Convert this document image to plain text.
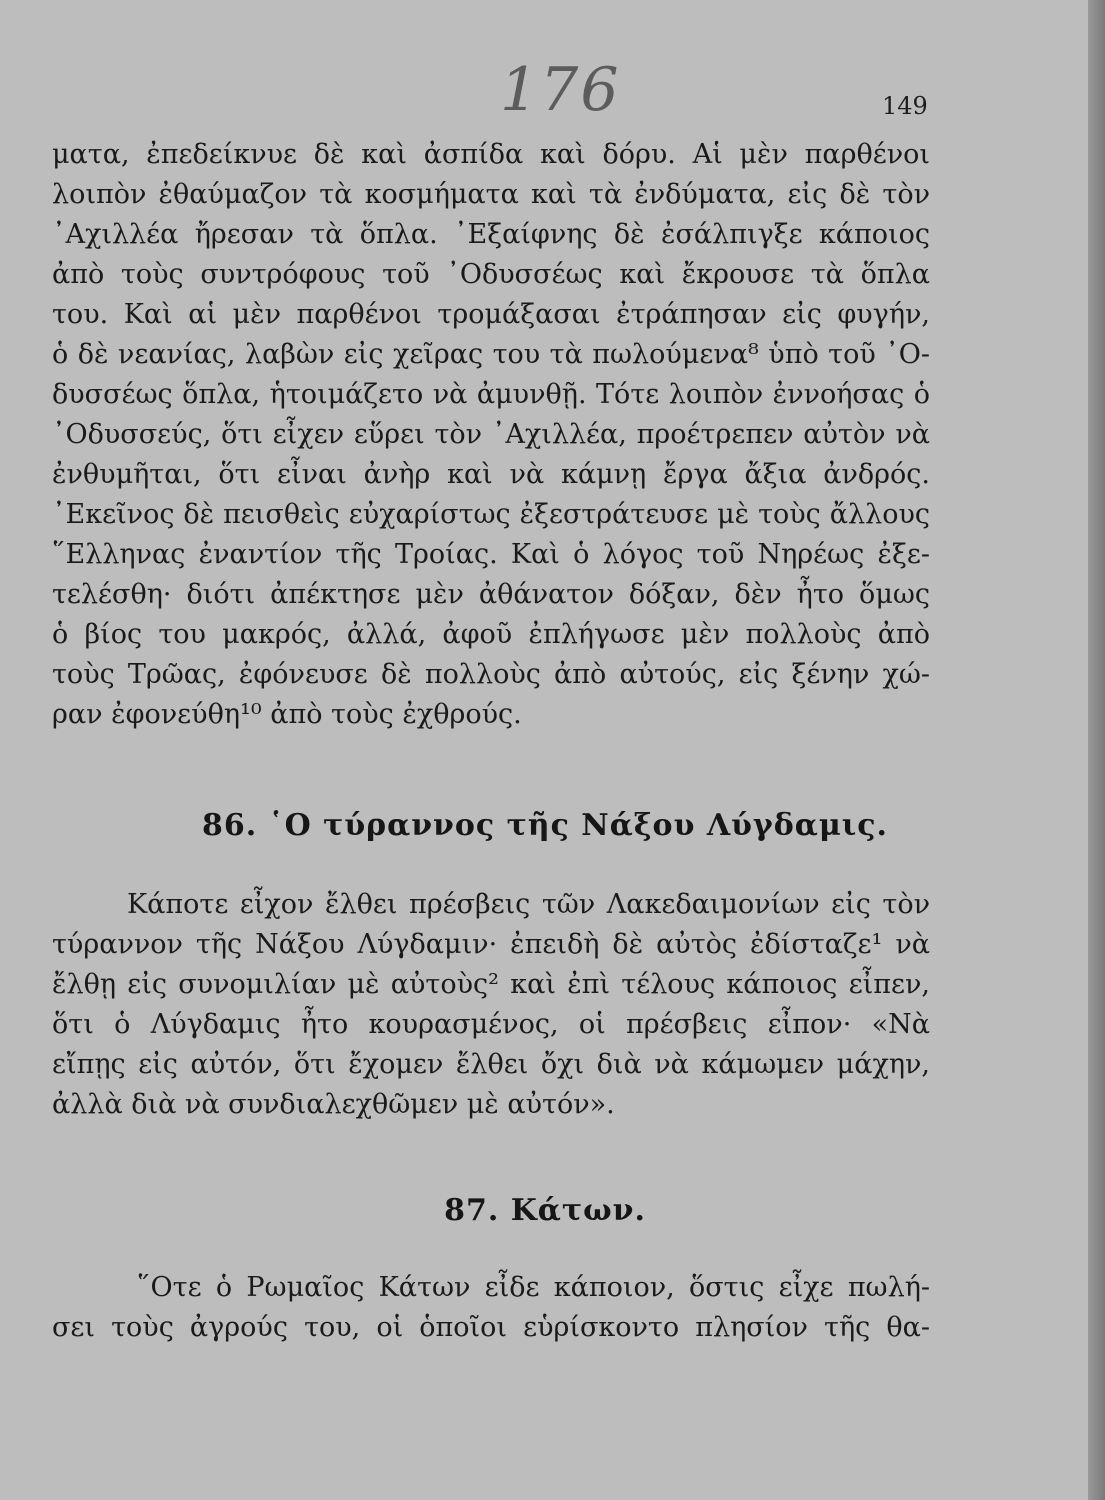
176	149
ματα, ἐπεδείκνυε δὲ καὶ ἀσπίδα καὶ δόρυ. Αἱ μὲν παρθένοι
λοιπὸν ἐθαύμαζον τὰ κοσμήματα καὶ τὰ ἐνδύματα, εἰς δὲ τὸν
᾿Αχιλλέα ἤρεσαν τὰ ὅπλα. ᾿Εξαίφνης δὲ ἐσάλπιγξε κάποιος
ἀπὸ τοὺς συντρόφους τοῦ ᾿Οδυσσέως καὶ ἔκρουσε τὰ ὅπλα
του. Καὶ αἱ μὲν παρθένοι τρομάξασαι ἐτράπησαν εἰς φυγήν,
ὁ δὲ νεανίας, λαβὼν εἰς χεῖρας του τὰ πωλούμενα⁸ ὑπὸ τοῦ ᾿Ο-
δυσσέως ὅπλα, ἡτοιμάζετο νὰ ἀμυνθῇ. Τότε λοιπὸν ἐννοήσας ὁ
᾿Οδυσσεύς, ὅτι εἶχεν εὕρει τὸν ᾿Αχιλλέα, προέτρεπεν αὐτὸν νὰ
ἐνθυμῆται, ὅτι εἶναι ἀνὴρ καὶ νὰ κάμνῃ ἔργα ἄξια ἀνδρός.
᾿Εκεῖνος δὲ πεισθεὶς εὐχαρίστως ἐξεστράτευσε μὲ τοὺς ἄλλους
῞Ελληνας ἐναντίον τῆς Τροίας. Καὶ ὁ λόγος τοῦ Νηρέως ἐξε-
τελέσθη· διότι ἀπέκτησε μὲν ἀθάνατον δόξαν, δὲν ἦτο ὅμως
ὁ βίος του μακρός, ἀλλά, ἀφοῦ ἐπλήγωσε μὲν πολλοὺς ἀπὸ
τοὺς Τρῶας, ἐφόνευσε δὲ πολλοὺς ἀπὸ αὐτούς, εἰς ξένην χώ-
ραν ἐφονεύθη¹⁰ ἀπὸ τοὺς ἐχθρούς.
86. ῾Ο τύραννος τῆς Νάξου Λύγδαμις.
Κάποτε εἶχον ἔλθει πρέσβεις τῶν Λακεδαιμονίων εἰς τὸν
τύραννον τῆς Νάξου Λύγδαμιν· ἐπειδὴ δὲ αὐτὸς ἐδίσταζε¹ νὰ
ἔλθῃ εἰς συνομιλίαν μὲ αὐτοὺς² καὶ ἐπὶ τέλους κάποιος εἶπεν,
ὅτι ὁ Λύγδαμις ἦτο κουρασμένος, οἱ πρέσβεις εἶπον· «Νὰ
εἴπῃς εἰς αὐτόν, ὅτι ἔχομεν ἔλθει ὄχι διὰ νὰ κάμωμεν μάχην,
ἀλλὰ διὰ νὰ συνδιαλεχθῶμεν μὲ αὐτόν».
87. Κάτων.
῞Οτε ὁ Ρωμαῖος Κάτων εἶδε κάποιον, ὅστις εἶχε πωλή-
σει τοὺς ἀγρούς του, οἱ ὁποῖοι εὑρίσκοντο πλησίον τῆς θα-
